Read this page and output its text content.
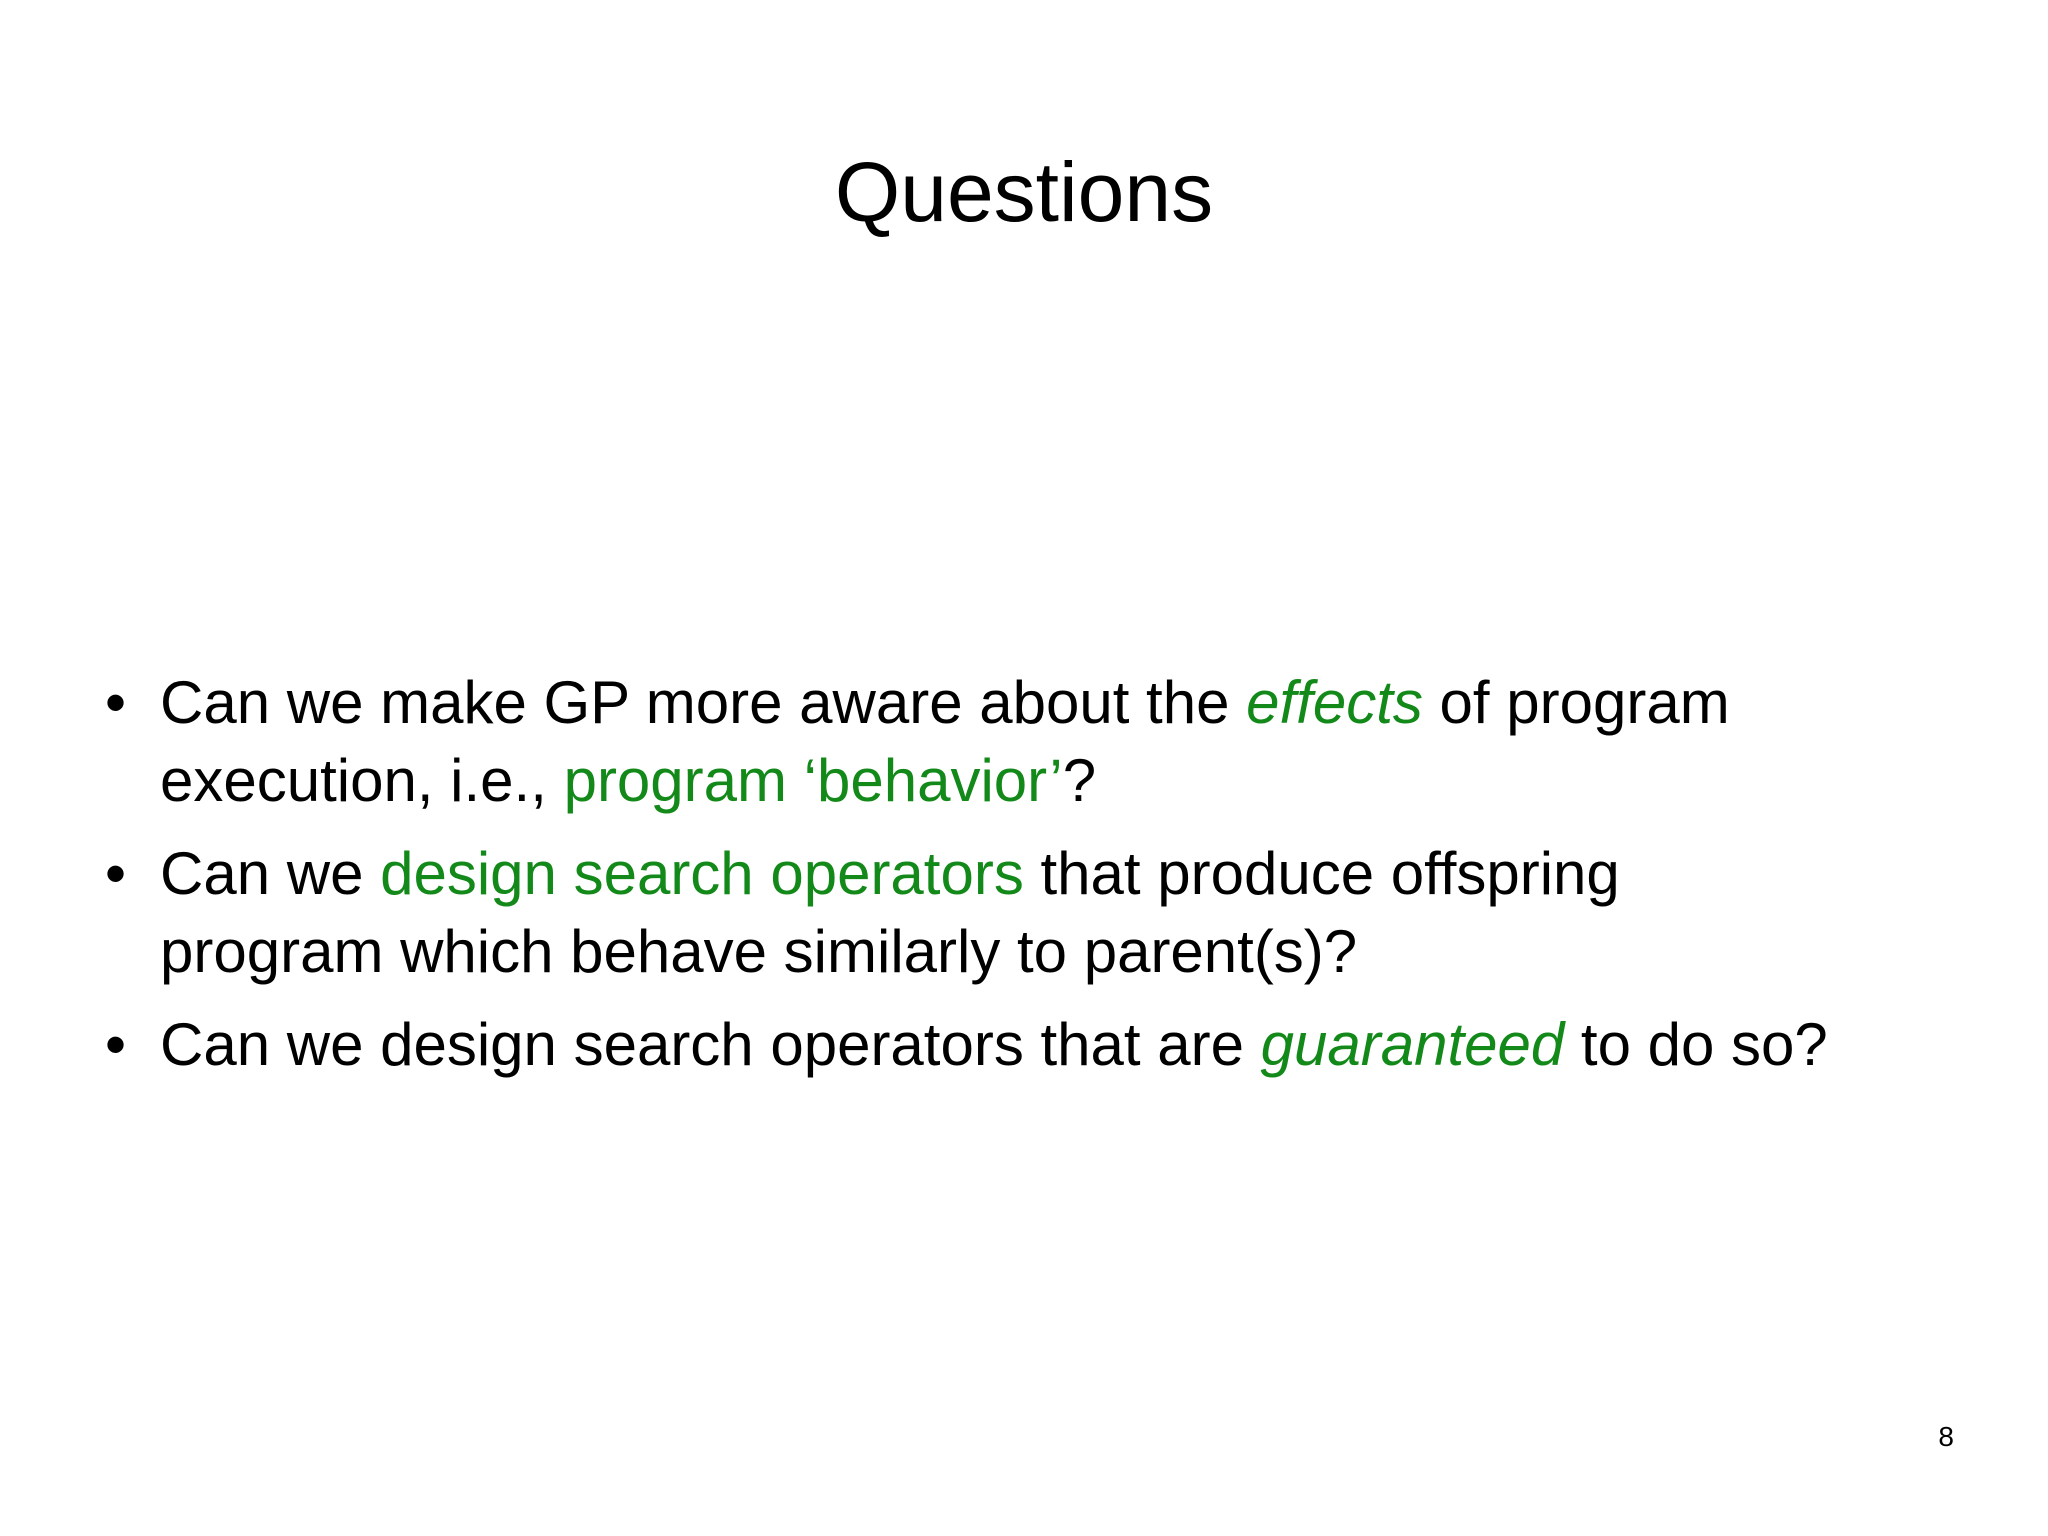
Questions
• Can we make GP more aware about the effects of program
execution, i.e., program ‘behavior’?
• Can we design search operators that produce offspring
program which behave similarly to parent(s)?
• Can we design search operators that are guaranteed to do so?
8
